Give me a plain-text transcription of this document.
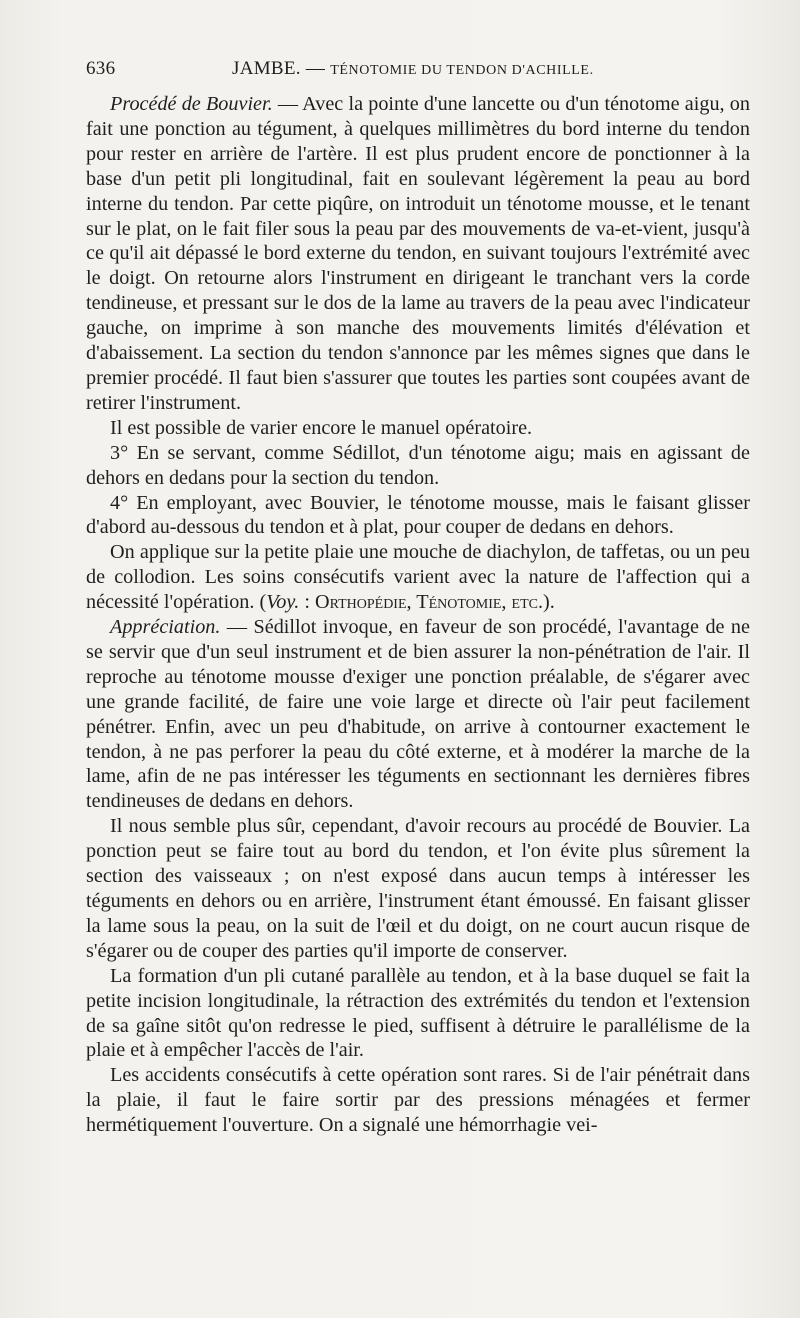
636	JAMBE. — TÉNOTOMIE DU TENDON D'ACHILLE.

Procédé de Bouvier. — Avec la pointe d'une lancette ou d'un ténotome aigu, on fait une ponction au tégument, à quelques millimètres du bord interne du tendon pour rester en arrière de l'artère. Il est plus prudent encore de ponctionner à la base d'un petit pli longitudinal, fait en soulevant légèrement la peau au bord interne du tendon. Par cette piqûre, on introduit un ténotome mousse, et le tenant sur le plat, on le fait filer sous la peau par des mouvements de va-et-vient, jusqu'à ce qu'il ait dépassé le bord externe du tendon, en suivant toujours l'extrémité avec le doigt. On retourne alors l'instrument en dirigeant le tranchant vers la corde tendineuse, et pressant sur le dos de la lame au travers de la peau avec l'indicateur gauche, on imprime à son manche des mouvements limités d'élévation et d'abaissement. La section du tendon s'annonce par les mêmes signes que dans le premier procédé. Il faut bien s'assurer que toutes les parties sont coupées avant de retirer l'instrument.

Il est possible de varier encore le manuel opératoire.

3° En se servant, comme Sédillot, d'un ténotome aigu; mais en agissant de dehors en dedans pour la section du tendon.

4° En employant, avec Bouvier, le ténotome mousse, mais le faisant glisser d'abord au-dessous du tendon et à plat, pour couper de dedans en dehors.

On applique sur la petite plaie une mouche de diachylon, de taffetas, ou un peu de collodion. Les soins consécutifs varient avec la nature de l'affection qui a nécessité l'opération. (Voy. : Orthopédie, Ténotomie, etc.).

Appréciation. — Sédillot invoque, en faveur de son procédé, l'avantage de ne se servir que d'un seul instrument et de bien assurer la non-pénétration de l'air. Il reproche au ténotome mousse d'exiger une ponction préalable, de s'égarer avec une grande facilité, de faire une voie large et directe où l'air peut facilement pénétrer. Enfin, avec un peu d'habitude, on arrive à contourner exactement le tendon, à ne pas perforer la peau du côté externe, et à modérer la marche de la lame, afin de ne pas intéresser les téguments en sectionnant les dernières fibres tendineuses de dedans en dehors.

Il nous semble plus sûr, cependant, d'avoir recours au procédé de Bouvier. La ponction peut se faire tout au bord du tendon, et l'on évite plus sûrement la section des vaisseaux ; on n'est exposé dans aucun temps à intéresser les téguments en dehors ou en arrière, l'instrument étant émoussé. En faisant glisser la lame sous la peau, on la suit de l'œil et du doigt, on ne court aucun risque de s'égarer ou de couper des parties qu'il importe de conserver.

La formation d'un pli cutané parallèle au tendon, et à la base duquel se fait la petite incision longitudinale, la rétraction des extrémités du tendon et l'extension de sa gaîne sitôt qu'on redresse le pied, suffisent à détruire le parallélisme de la plaie et à empêcher l'accès de l'air.

Les accidents consécutifs à cette opération sont rares. Si de l'air pénétrait dans la plaie, il faut le faire sortir par des pressions ménagées et fermer hermétiquement l'ouverture. On a signalé une hémorrhagie vei-
